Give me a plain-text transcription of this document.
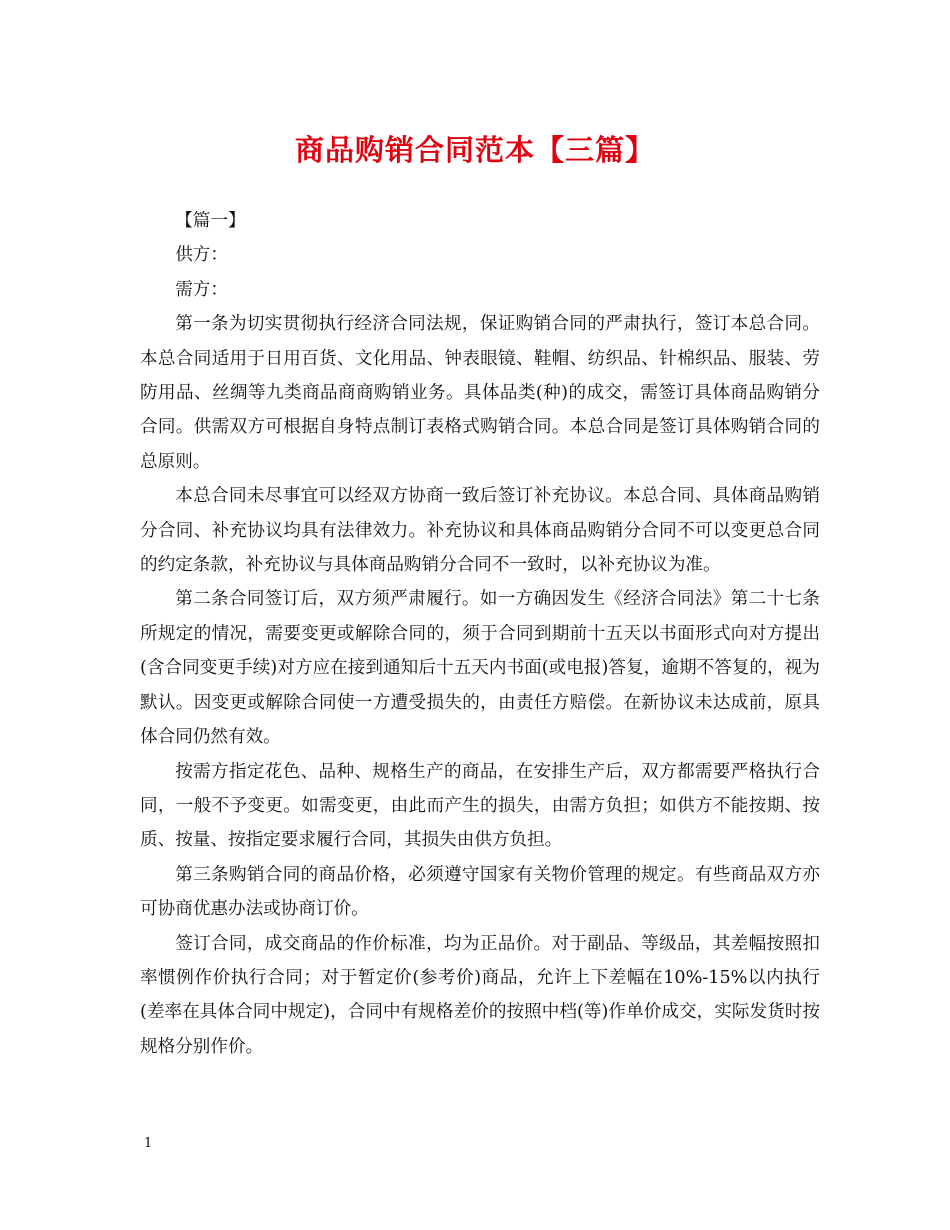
商品购销合同范本【三篇】

【篇一】

供方：

需方：

第一条为切实贯彻执行经济合同法规，保证购销合同的严肃执行，签订本总合同。本总合同适用于日用百货、文化用品、钟表眼镜、鞋帽、纺织品、针棉织品、服装、劳防用品、丝绸等九类商品商商购销业务。具体品类(种)的成交，需签订具体商品购销分合同。供需双方可根据自身特点制订表格式购销合同。本总合同是签订具体购销合同的总原则。

本总合同未尽事宜可以经双方协商一致后签订补充协议。本总合同、具体商品购销分合同、补充协议均具有法律效力。补充协议和具体商品购销分合同不可以变更总合同的约定条款，补充协议与具体商品购销分合同不一致时，以补充协议为准。

第二条合同签订后，双方须严肃履行。如一方确因发生《经济合同法》第二十七条所规定的情况，需要变更或解除合同的，须于合同到期前十五天以书面形式向对方提出(含合同变更手续)对方应在接到通知后十五天内书面(或电报)答复，逾期不答复的，视为默认。因变更或解除合同使一方遭受损失的，由责任方赔偿。在新协议未达成前，原具体合同仍然有效。

按需方指定花色、品种、规格生产的商品，在安排生产后，双方都需要严格执行合同，一般不予变更。如需变更，由此而产生的损失，由需方负担；如供方不能按期、按质、按量、按指定要求履行合同，其损失由供方负担。

第三条购销合同的商品价格，必须遵守国家有关物价管理的规定。有些商品双方亦可协商优惠办法或协商订价。

签订合同，成交商品的作价标准，均为正品价。对于副品、等级品，其差幅按照扣率惯例作价执行合同；对于暂定价(参考价)商品，允许上下差幅在10%-15%以内执行(差率在具体合同中规定)，合同中有规格差价的按照中档(等)作单价成交，实际发货时按规格分别作价。

1
